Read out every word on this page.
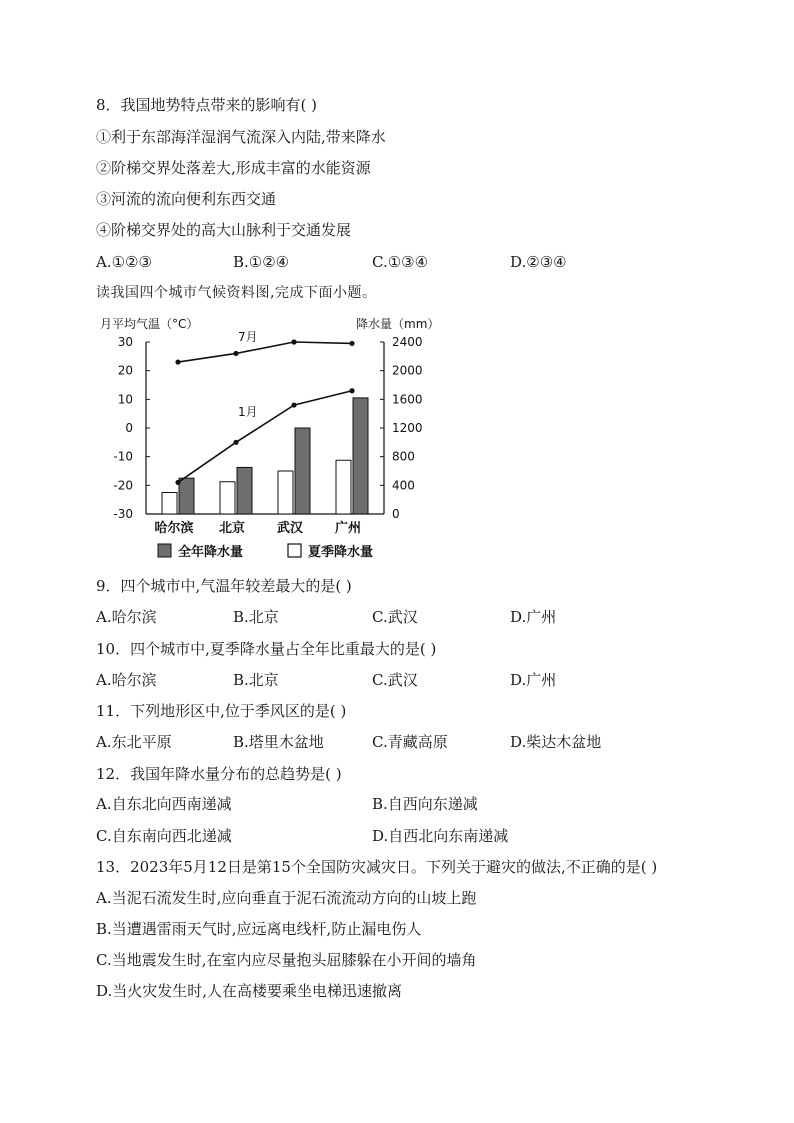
8．我国地势特点带来的影响有( )
①利于东部海洋湿润气流深入内陆,带来降水
②阶梯交界处落差大,形成丰富的水能资源
③河流的流向便利东西交通
④阶梯交界处的高大山脉利于交通发展
A.①②③	B.①②④	C.①③④	D.②③④
读我国四个城市气候资料图,完成下面小题。
月平均气温（°C）	降水量（mm）
30
20
10
0
-10
-20
-30
2400
2000
1600
1200
800
400
0
7月
1月
哈尔滨 北京 武汉 广州
全年降水量	夏季降水量
9．四个城市中,气温年较差最大的是( )
A.哈尔滨	B.北京	C.武汉	D.广州
10．四个城市中,夏季降水量占全年比重最大的是( )
A.哈尔滨	B.北京	C.武汉	D.广州
11．下列地形区中,位于季风区的是( )
A.东北平原	B.塔里木盆地	C.青藏高原	D.柴达木盆地
12．我国年降水量分布的总趋势是( )
A.自东北向西南递减	B.自西向东递减
C.自东南向西北递减	D.自西北向东南递减
13．2023年5月12日是第15个全国防灾减灾日。下列关于避灾的做法,不正确的是( )
A.当泥石流发生时,应向垂直于泥石流流动方向的山坡上跑
B.当遭遇雷雨天气时,应远离电线杆,防止漏电伤人
C.当地震发生时,在室内应尽量抱头屈膝躲在小开间的墙角
D.当火灾发生时,人在高楼要乘坐电梯迅速撤离
